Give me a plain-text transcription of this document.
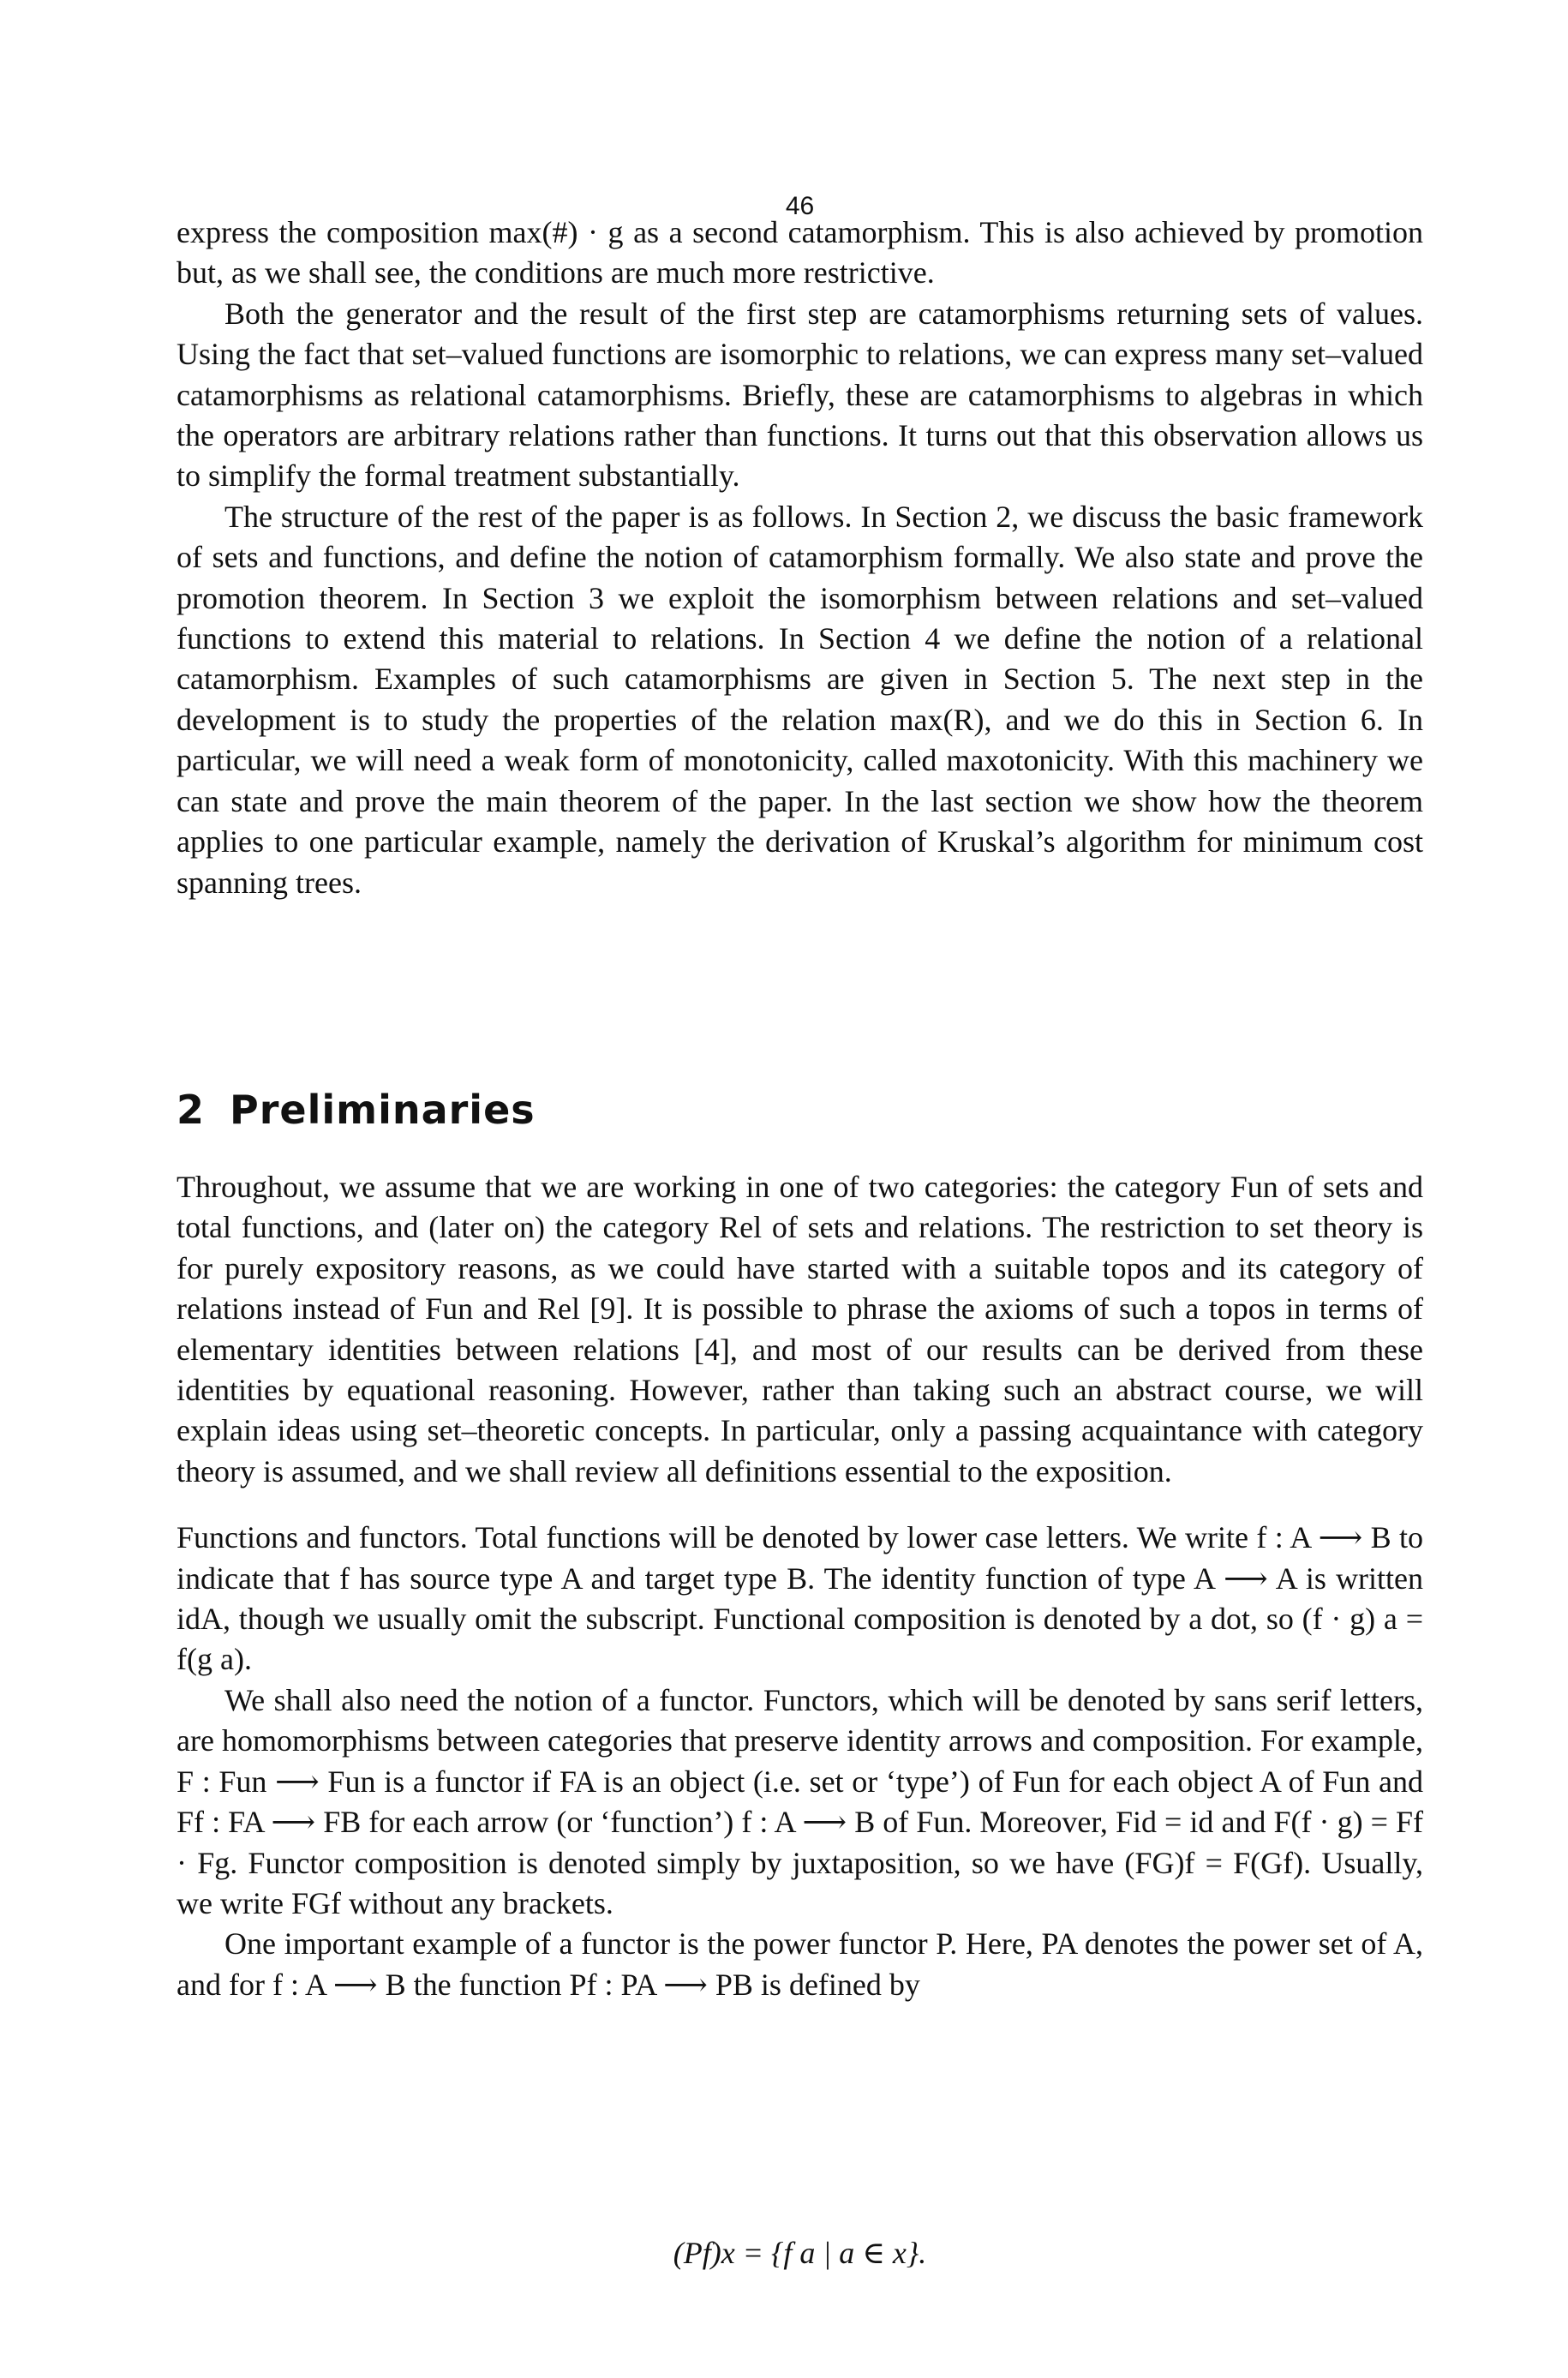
46

express the composition max(#) · g as a second catamorphism. This is also achieved by promotion but, as we shall see, the conditions are much more restrictive.

Both the generator and the result of the first step are catamorphisms returning sets of values. Using the fact that set–valued functions are isomorphic to relations, we can express many set–valued catamorphisms as relational catamorphisms. Briefly, these are catamorphisms to algebras in which the operators are arbitrary relations rather than functions. It turns out that this observation allows us to simplify the formal treatment substantially.

The structure of the rest of the paper is as follows. In Section 2, we discuss the basic framework of sets and functions, and define the notion of catamorphism formally. We also state and prove the promotion theorem. In Section 3 we exploit the isomorphism between relations and set–valued functions to extend this material to relations. In Section 4 we define the notion of a relational catamorphism. Examples of such catamorphisms are given in Section 5. The next step in the development is to study the properties of the relation max(R), and we do this in Section 6. In particular, we will need a weak form of monotonicity, called maxotonicity. With this machinery we can state and prove the main theorem of the paper. In the last section we show how the theorem applies to one particular example, namely the derivation of Kruskal’s algorithm for minimum cost spanning trees.

2 Preliminaries

Throughout, we assume that we are working in one of two categories: the category Fun of sets and total functions, and (later on) the category Rel of sets and relations. The restriction to set theory is for purely expository reasons, as we could have started with a suitable topos and its category of relations instead of Fun and Rel [9]. It is possible to phrase the axioms of such a topos in terms of elementary identities between relations [4], and most of our results can be derived from these identities by equational reasoning. However, rather than taking such an abstract course, we will explain ideas using set–theoretic concepts. In particular, only a passing acquaintance with category theory is assumed, and we shall review all definitions essential to the exposition.

Functions and functors. Total functions will be denoted by lower case letters. We write f : A ⟶ B to indicate that f has source type A and target type B. The identity function of type A ⟶ A is written idA, though we usually omit the subscript. Functional composition is denoted by a dot, so (f · g) a = f(g a).

We shall also need the notion of a functor. Functors, which will be denoted by sans serif letters, are homomorphisms between categories that preserve identity arrows and composition. For example, F : Fun ⟶ Fun is a functor if FA is an object (i.e. set or ‘type’) of Fun for each object A of Fun and Ff : FA ⟶ FB for each arrow (or ‘function’) f : A ⟶ B of Fun. Moreover, Fid = id and F(f · g) = Ff · Fg. Functor composition is denoted simply by juxtaposition, so we have (FG)f = F(Gf). Usually, we write FGf without any brackets.

One important example of a functor is the power functor P. Here, PA denotes the power set of A, and for f : A ⟶ B the function Pf : PA ⟶ PB is defined by

(Pf)x = {f a | a ∈ x}.
